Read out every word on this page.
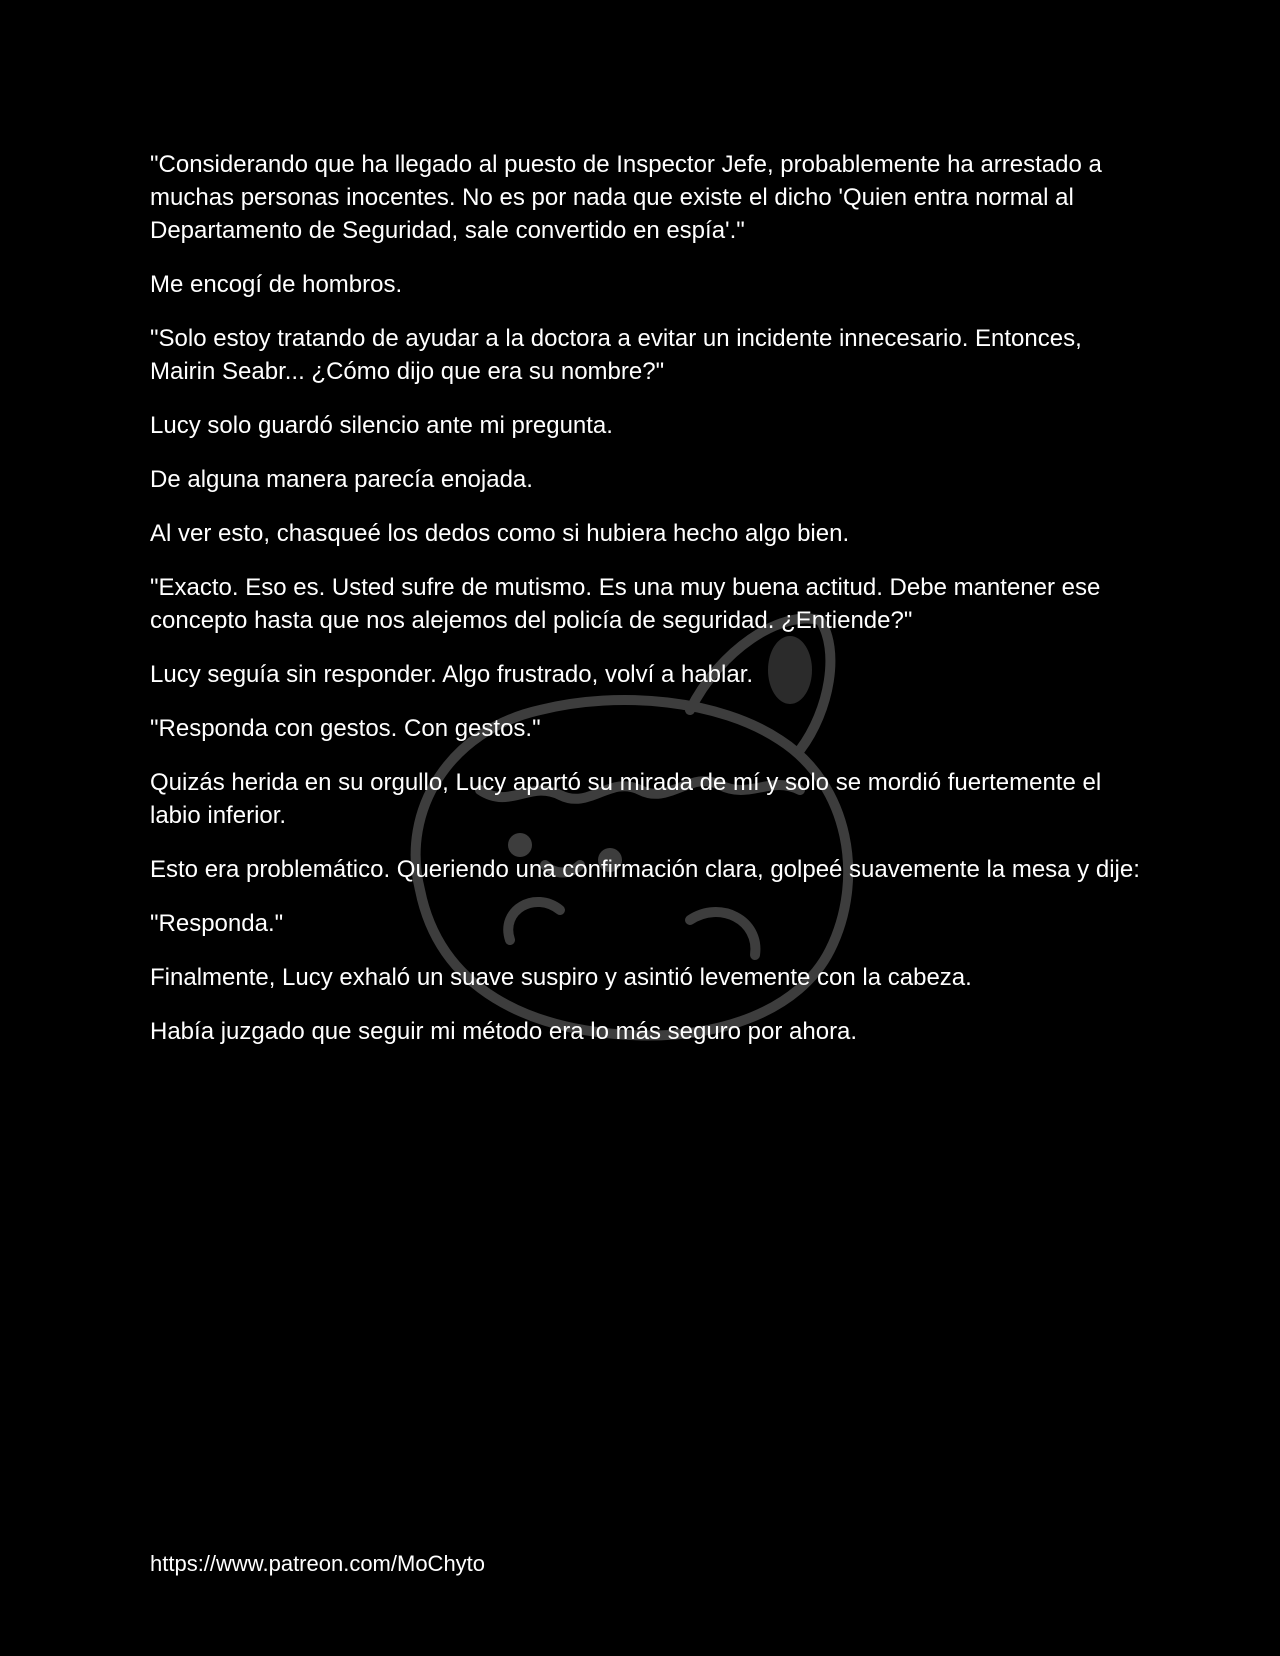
"Considerando que ha llegado al puesto de Inspector Jefe, probablemente ha arrestado a muchas personas inocentes. No es por nada que existe el dicho 'Quien entra normal al Departamento de Seguridad, sale convertido en espía'."

Me encogí de hombros.

"Solo estoy tratando de ayudar a la doctora a evitar un incidente innecesario. Entonces, Mairin Seabr... ¿Cómo dijo que era su nombre?"

Lucy solo guardó silencio ante mi pregunta.

De alguna manera parecía enojada.

Al ver esto, chasqueé los dedos como si hubiera hecho algo bien.

"Exacto. Eso es. Usted sufre de mutismo. Es una muy buena actitud. Debe mantener ese concepto hasta que nos alejemos del policía de seguridad. ¿Entiende?"

Lucy seguía sin responder. Algo frustrado, volví a hablar.

"Responda con gestos. Con gestos."

Quizás herida en su orgullo, Lucy apartó su mirada de mí y solo se mordió fuertemente el labio inferior.

Esto era problemático. Queriendo una confirmación clara, golpeé suavemente la mesa y dije:

"Responda."

Finalmente, Lucy exhaló un suave suspiro y asintió levemente con la cabeza.

Había juzgado que seguir mi método era lo más seguro por ahora.

https://www.patreon.com/MoChyto
